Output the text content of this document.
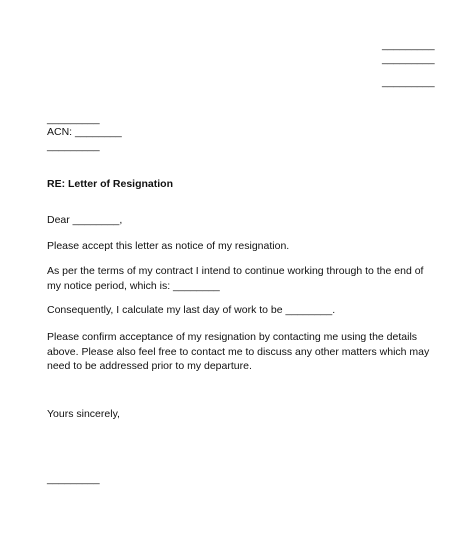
_________
_________
_________
_________
ACN: ________
_________
RE: Letter of Resignation
Dear ________,
Please accept this letter as notice of my resignation.
As per the terms of my contract I intend to continue working through to the end of my notice period, which is: ________
Consequently, I calculate my last day of work to be ________.
Please confirm acceptance of my resignation by contacting me using the details above. Please also feel free to contact me to discuss any other matters which may need to be addressed prior to my departure.
Yours sincerely,
_________
